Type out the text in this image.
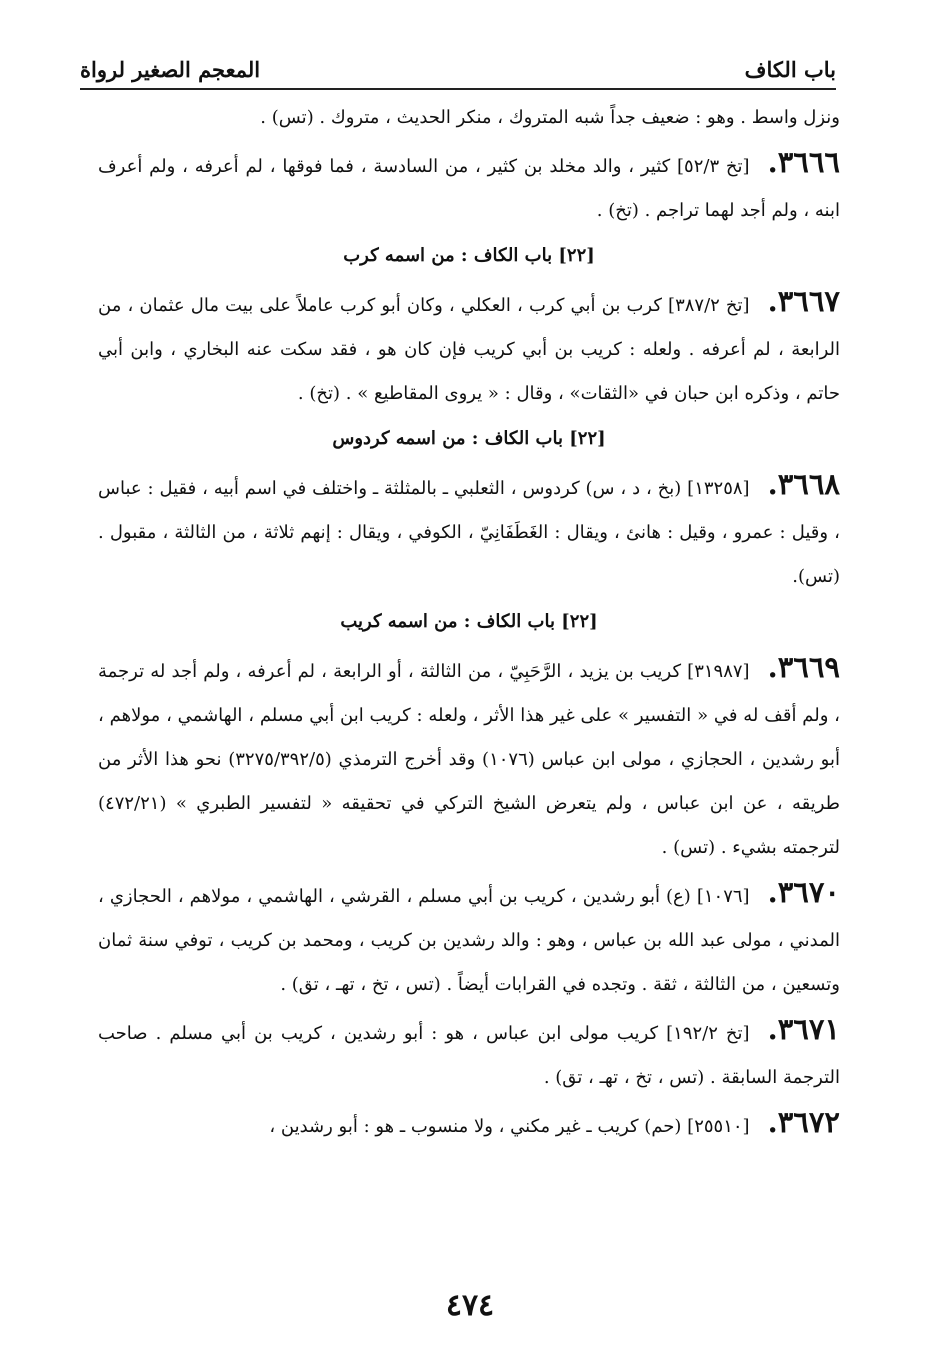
المعجم الصغير لرواة	باب الكاف

ونزل واسط . وهو : ضعيف جداً شبه المتروك ، منكر الحديث ، متروك . (تس) .

٣٦٦٦.[تخ ٥٢/٣] كثير ، والد مخلد بن كثير ، من السادسة ، فما فوقها ، لم أعرفه ، ولم أعرف ابنه ، ولم أجد لهما تراجم . (تخ) .

[٢٢] باب الكاف : من اسمه كرب

٣٦٦٧.[تخ ٣٨٧/٢] كرب بن أبي كرب ، العكلي ، وكان أبو كرب عاملاً على بيت مال عثمان ، من الرابعة ، لم أعرفه . ولعله : كريب بن أبي كريب فإن كان هو ، فقد سكت عنه البخاري ، وابن أبي حاتم ، وذكره ابن حبان في «الثقات» ، وقال : « يروى المقاطيع » . (تخ) .

[٢٢] باب الكاف : من اسمه كردوس

٣٦٦٨.[١٣٢٥٨] (بخ ، د ، س) كردوس ، الثعلبي ـ بالمثلثة ـ واختلف في اسم أبيه ، فقيل : عباس ، وقيل : عمرو ، وقيل : هانئ ، ويقال : الغَطَفَانِيّ ، الكوفي ، ويقال : إنهم ثلاثة ، من الثالثة ، مقبول . (تس).

[٢٢] باب الكاف : من اسمه كريب

٣٦٦٩.[٣١٩٨٧] كريب بن يزيد ، الرَّحَبِيّ ، من الثالثة ، أو الرابعة ، لم أعرفه ، ولم أجد له ترجمة ، ولم أقف له في « التفسير » على غير هذا الأثر ، ولعله : كريب ابن أبي مسلم ، الهاشمي ، مولاهم ، أبو رشدين ، الحجازي ، مولى ابن عباس (١٠٧٦) وقد أخرج الترمذي (٣٢٧٥/٣٩٢/٥) نحو هذا الأثر من طريقه ، عن ابن عباس ، ولم يتعرض الشيخ التركي في تحقيقه « لتفسير الطبري » (٤٧٢/٢١) لترجمته بشيء . (تس) .

٣٦٧٠.[١٠٧٦] (ع) أبو رشدين ، كريب بن أبي مسلم ، القرشي ، الهاشمي ، مولاهم ، الحجازي ، المدني ، مولى عبد الله بن عباس ، وهو : والد رشدين بن كريب ، ومحمد بن كريب ، توفي سنة ثمان وتسعين ، من الثالثة ، ثقة . وتجده في القرابات أيضاً . (تس ، تخ ، تهـ ، تق) .

٣٦٧١.[تخ ١٩٢/٢] كريب مولى ابن عباس ، هو : أبو رشدين ، كريب بن أبي مسلم . صاحب الترجمة السابقة . (تس ، تخ ، تهـ ، تق) .

٣٦٧٢.[٢٥٥١٠] (حم) كريب ـ غير مكني ، ولا منسوب ـ هو : أبو رشدين ،

٤٧٤
